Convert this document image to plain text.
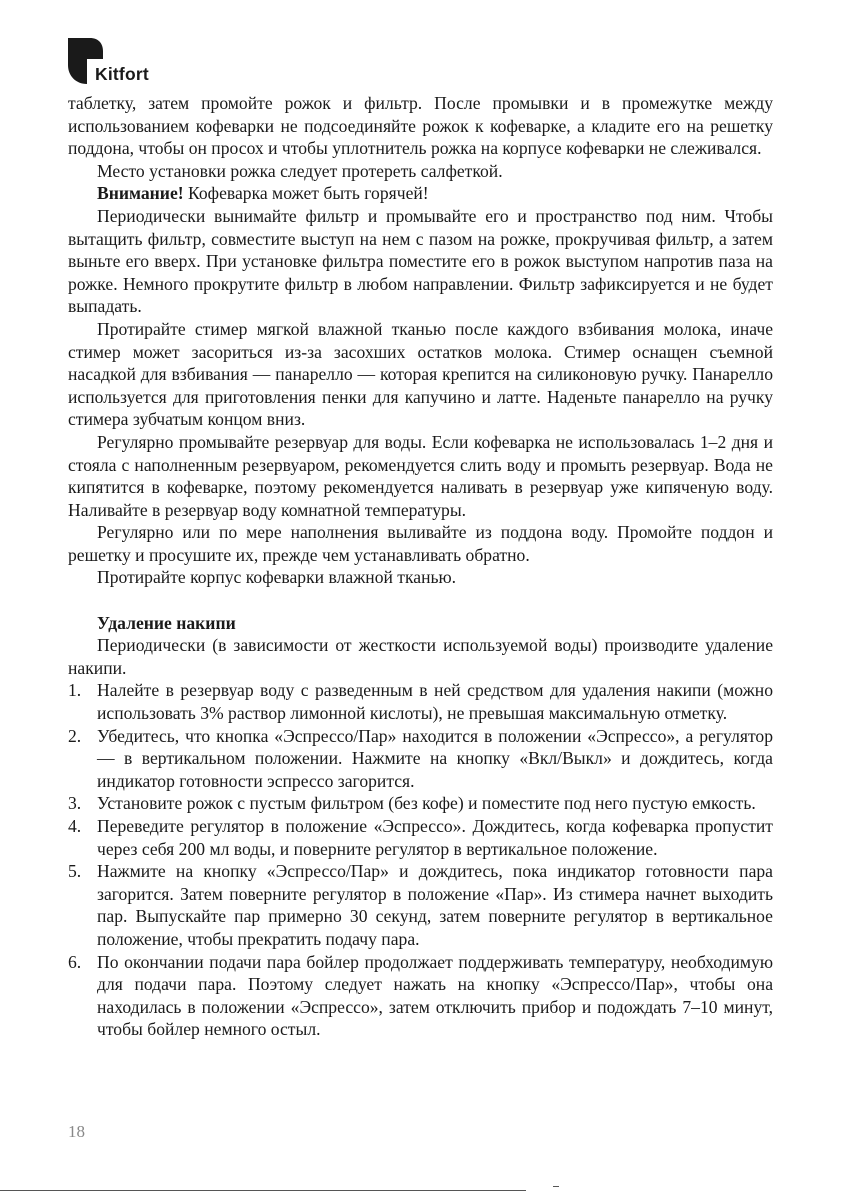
Kitfort

таблетку, затем промойте рожок и фильтр. После промывки и в промежутке между использованием кофеварки не подсоединяйте рожок к кофеварке, а кладите его на решетку поддона, чтобы он просох и чтобы уплотнитель рожка на корпусе кофеварки не слеживался.

Место установки рожка следует протереть салфеткой.

Внимание! Кофеварка может быть горячей!

Периодически вынимайте фильтр и промывайте его и пространство под ним. Чтобы вытащить фильтр, совместите выступ на нем с пазом на рожке, прокручивая фильтр, а затем выньте его вверх. При установке фильтра поместите его в рожок выступом напротив паза на рожке. Немного прокрутите фильтр в любом направлении. Фильтр зафиксируется и не будет выпадать.

Протирайте стимер мягкой влажной тканью после каждого взбивания молока, иначе стимер может засориться из-за засохших остатков молока. Стимер оснащен съемной насадкой для взбивания — панарелло — которая крепится на силиконовую ручку. Панарелло используется для приготовления пенки для капучино и латте. Наденьте панарелло на ручку стимера зубчатым концом вниз.

Регулярно промывайте резервуар для воды. Если кофеварка не использовалась 1–2 дня и стояла с наполненным резервуаром, рекомендуется слить воду и промыть резервуар. Вода не кипятится в кофеварке, поэтому рекомендуется наливать в резервуар уже кипяченую воду. Наливайте в резервуар воду комнатной температуры.

Регулярно или по мере наполнения выливайте из поддона воду. Промойте поддон и решетку и просушите их, прежде чем устанавливать обратно.

Протирайте корпус кофеварки влажной тканью.

Удаление накипи

Периодически (в зависимости от жесткости используемой воды) производите удаление накипи.

1. Налейте в резервуар воду с разведенным в ней средством для удаления накипи (можно использовать 3% раствор лимонной кислоты), не превышая максимальную отметку.
2. Убедитесь, что кнопка «Эспрессо/Пар» находится в положении «Эспрессо», а регулятор — в вертикальном положении. Нажмите на кнопку «Вкл/Выкл» и дождитесь, когда индикатор готовности эспрессо загорится.
3. Установите рожок с пустым фильтром (без кофе) и поместите под него пустую емкость.
4. Переведите регулятор в положение «Эспрессо». Дождитесь, когда кофеварка пропустит через себя 200 мл воды, и поверните регулятор в вертикальное положение.
5. Нажмите на кнопку «Эспрессо/Пар» и дождитесь, пока индикатор готовности пара загорится. Затем поверните регулятор в положение «Пар». Из стимера начнет выходить пар. Выпускайте пар примерно 30 секунд, затем поверните регулятор в вертикальное положение, чтобы прекратить подачу пара.
6. По окончании подачи пара бойлер продолжает поддерживать температуру, необходимую для подачи пара. Поэтому следует нажать на кнопку «Эспрессо/Пар», чтобы она находилась в положении «Эспрессо», затем отключить прибор и подождать 7–10 минут, чтобы бойлер немного остыл.
18
